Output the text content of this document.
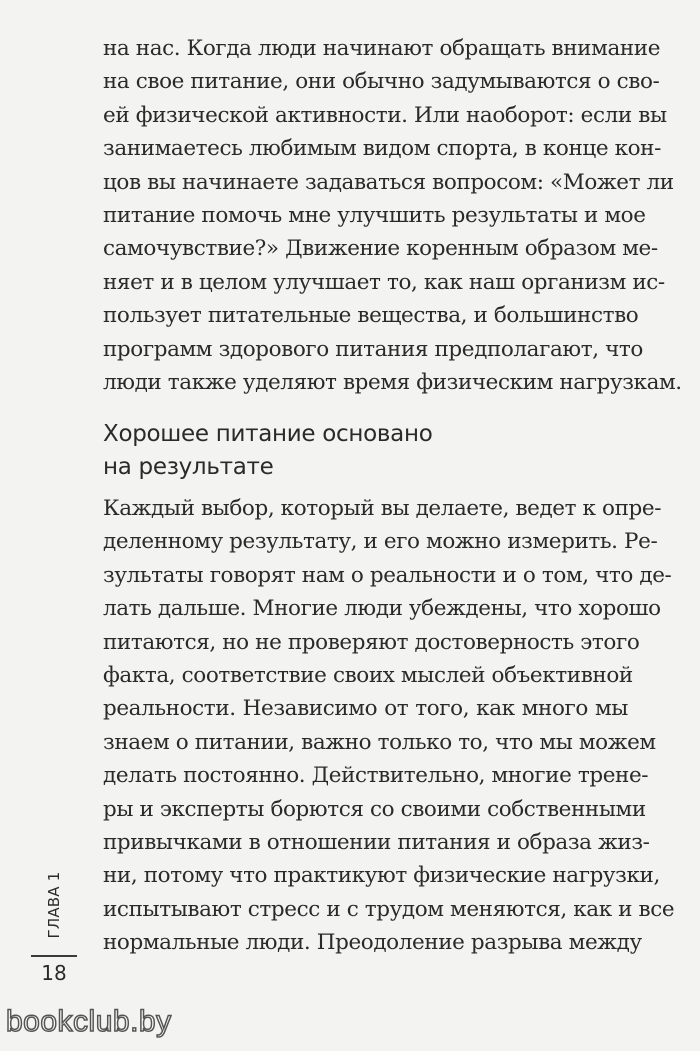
на нас. Когда люди начинают обращать внимание
на свое питание, они обычно задумываются о сво-
ей физической активности. Или наоборот: если вы
занимаетесь любимым видом спорта, в конце кон-
цов вы начинаете задаваться вопросом: «Может ли
питание помочь мне улучшить результаты и мое
самочувствие?» Движение коренным образом ме-
няет и в целом улучшает то, как наш организм ис-
пользует питательные вещества, и большинство
программ здорового питания предполагают, что
люди также уделяют время физическим нагрузкам.
Хорошее питание основано
на результате
Каждый выбор, который вы делаете, ведет к опре-
деленному результату, и его можно измерить. Ре-
зультаты говорят нам о реальности и о том, что де-
лать дальше. Многие люди убеждены, что хорошо
питаются, но не проверяют достоверность этого
факта, соответствие своих мыслей объективной
реальности. Независимо от того, как много мы
знаем о питании, важно только то, что мы можем
делать постоянно. Действительно, многие трене-
ры и эксперты борются со своими собственными
привычками в отношении питания и образа жиз-
ни, потому что практикуют физические нагрузки,
испытывают стресс и с трудом меняются, как и все
нормальные люди. Преодоление разрыва между
ГЛАВА 1
18
bookclub.by
